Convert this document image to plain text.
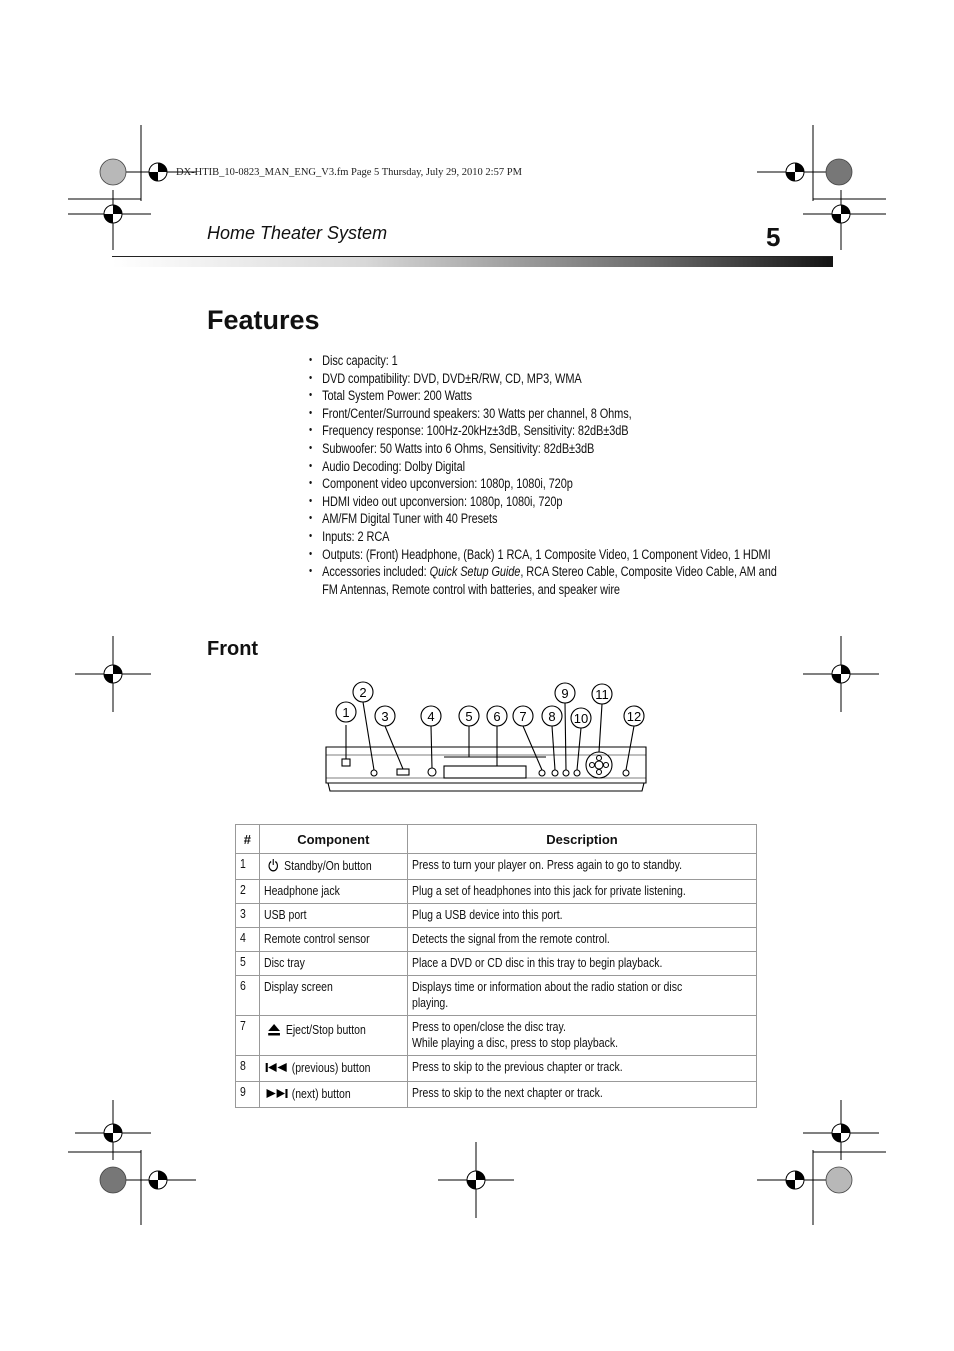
DX-HTIB_10-0823_MAN_ENG_V3.fm Page 5 Thursday, July 29, 2010 2:57 PM
Home Theater System	5
Features
• Disc capacity: 1
• DVD compatibility: DVD, DVD±R/RW, CD, MP3, WMA
• Total System Power: 200 Watts
• Front/Center/Surround speakers: 30 Watts per channel, 8 Ohms,
• Frequency response: 100Hz-20kHz±3dB, Sensitivity: 82dB±3dB
• Subwoofer: 50 Watts into 6 Ohms, Sensitivity: 82dB±3dB
• Audio Decoding: Dolby Digital
• Component video upconversion: 1080p, 1080i, 720p
• HDMI video out upconversion: 1080p, 1080i, 720p
• AM/FM Digital Tuner with 40 Presets
• Inputs: 2 RCA
• Outputs: (Front) Headphone, (Back) 1 RCA, 1 Composite Video, 1 Component Video, 1 HDMI
• Accessories included: Quick Setup Guide, RCA Stereo Cable, Composite Video Cable, AM and FM Antennas, Remote control with batteries, and speaker wire
Front
1
2
3	4 5 6 7 8
9
10
11
12
#	Component	Description
1	Standby/On button	Press to turn your player on. Press again to go to standby.
2	Headphone jack	Plug a set of headphones into this jack for private listening.
3	USB port	Plug a USB device into this port.
4	Remote control sensor	Detects the signal from the remote control.
5	Disc tray	Place a DVD or CD disc in this tray to begin playback.
6	Display screen	Displays time or information about the radio station or disc playing.
7	Eject/Stop button	Press to open/close the disc tray.
While playing a disc, press to stop playback.
8	(previous) button	Press to skip to the previous chapter or track.
9	(next) button	Press to skip to the next chapter or track.
